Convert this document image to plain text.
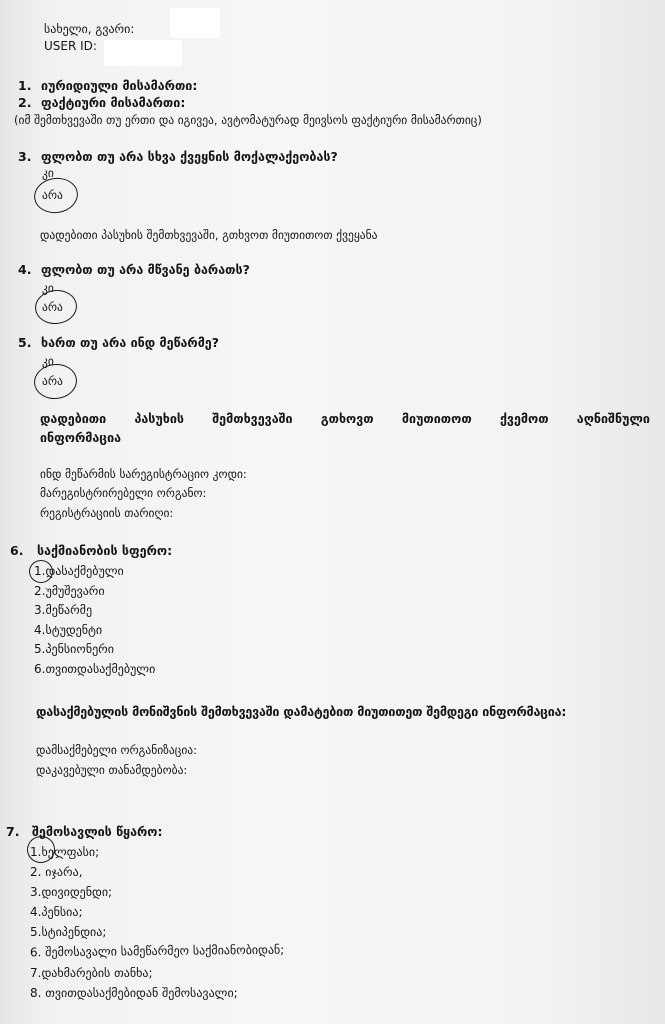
სახელი, გვარი:
USER ID:
1. იურიდიული მისამართი:
2. ფაქტიური მისამართი:
(იმ შემთხვევაში თუ ერთი და იგივეა, ავტომატურად მეივსოს ფაქტიური მისამართიც)
3. ფლობთ თუ არა სხვა ქვეყნის მოქალაქეობას?
კი
არა
დადებითი პასუხის შემთხვევაში, გთხვოთ მიუთითოთ ქვეყანა
4. ფლობთ თუ არა მწვანე ბარათს?
კი
არა
5. ხართ თუ არა ინდ მეწარმე?
კი
არა
დადებითი პასუხის შემთხვევაში გთხოვთ მიუთითოთ ქვემოთ აღნიშნული
ინფორმაცია
ინდ მეწარმის სარეგისტრაციო კოდი:
მარეგისტრირებელი ორგანო:
რეგისტრაციის თარიღი:
6. საქმიანობის სფერო:
1.დასაქმებული
2.უმუშევარი
3.მეწარმე
4.სტუდენტი
5.პენსიონერი
6.თვითდასაქმებული
დასაქმებულის მონიშვნის შემთხვევაში დამატებით მიუთითეთ შემდეგი ინფორმაცია:
დამსაქმებელი ორგანიზაცია:
დაკავებული თანამდებობა:
7. შემოსავლის წყარო:
1.ხელფასი;
2. იჯარა,
3.დივიდენდი;
4.პენსია;
5.სტიპენდია;
6. შემოსავალი სამეწარმეო საქმიანობიდან;
7.დახმარების თანხა;
8. თვითდასაქმებიდან შემოსავალი;
